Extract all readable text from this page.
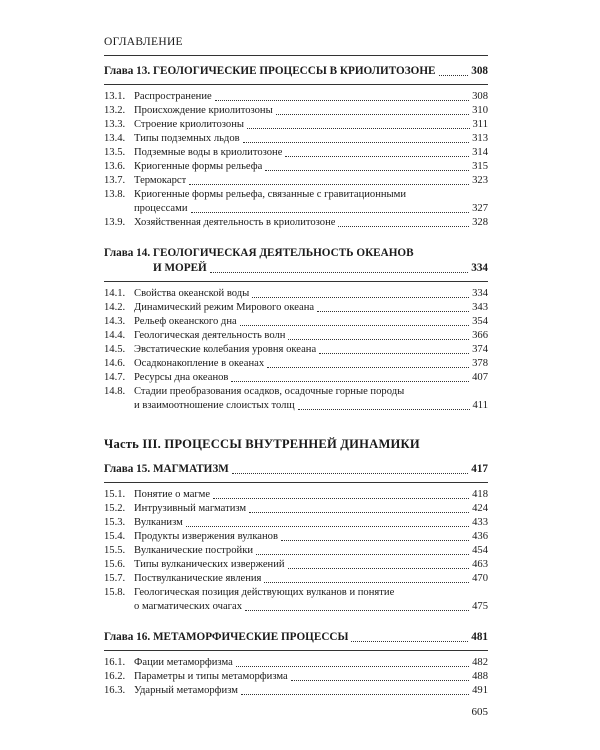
ОГЛАВЛЕНИЕ
Глава 13. ГЕОЛОГИЧЕСКИЕ ПРОЦЕССЫ В КРИОЛИТОЗОНЕ	308
13.1. Распространение	308
13.2. Происхождение криолитозоны	310
13.3. Строение криолитозоны	311
13.4. Типы подземных льдов	313
13.5. Подземные воды в криолитозоне	314
13.6. Криогенные формы рельефа	315
13.7. Термокарст	323
13.8. Криогенные формы рельефа, связанные с гравитационными
процессами	327
13.9. Хозяйственная деятельность в криолитозоне	328
Глава 14. ГЕОЛОГИЧЕСКАЯ ДЕЯТЕЛЬНОСТЬ ОКЕАНОВ
И МОРЕЙ	334
14.1. Свойства океанской воды	334
14.2. Динамический режим Мирового океана	343
14.3. Рельеф океанского дна	354
14.4. Геологическая деятельность волн	366
14.5. Эвстатические колебания уровня океана	374
14.6. Осадконакопление в океанах	378
14.7. Ресурсы дна океанов	407
14.8. Стадии преобразования осадков, осадочные горные породы
и взаимоотношение слоистых толщ	411
Часть III. ПРОЦЕССЫ ВНУТРЕННЕЙ ДИНАМИКИ
Глава 15. МАГМАТИЗМ	417
15.1. Понятие о магме	418
15.2. Интрузивный магматизм	424
15.3. Вулканизм	433
15.4. Продукты извержения вулканов	436
15.5. Вулканические постройки	454
15.6. Типы вулканических извержений	463
15.7. Поствулканические явления	470
15.8. Геологическая позиция действующих вулканов и понятие
о магматических очагах	475
Глава 16. МЕТАМОРФИЧЕСКИЕ ПРОЦЕССЫ	481
16.1. Фации метаморфизма	482
16.2. Параметры и типы метаморфизма	488
16.3. Ударный метаморфизм	491
605
